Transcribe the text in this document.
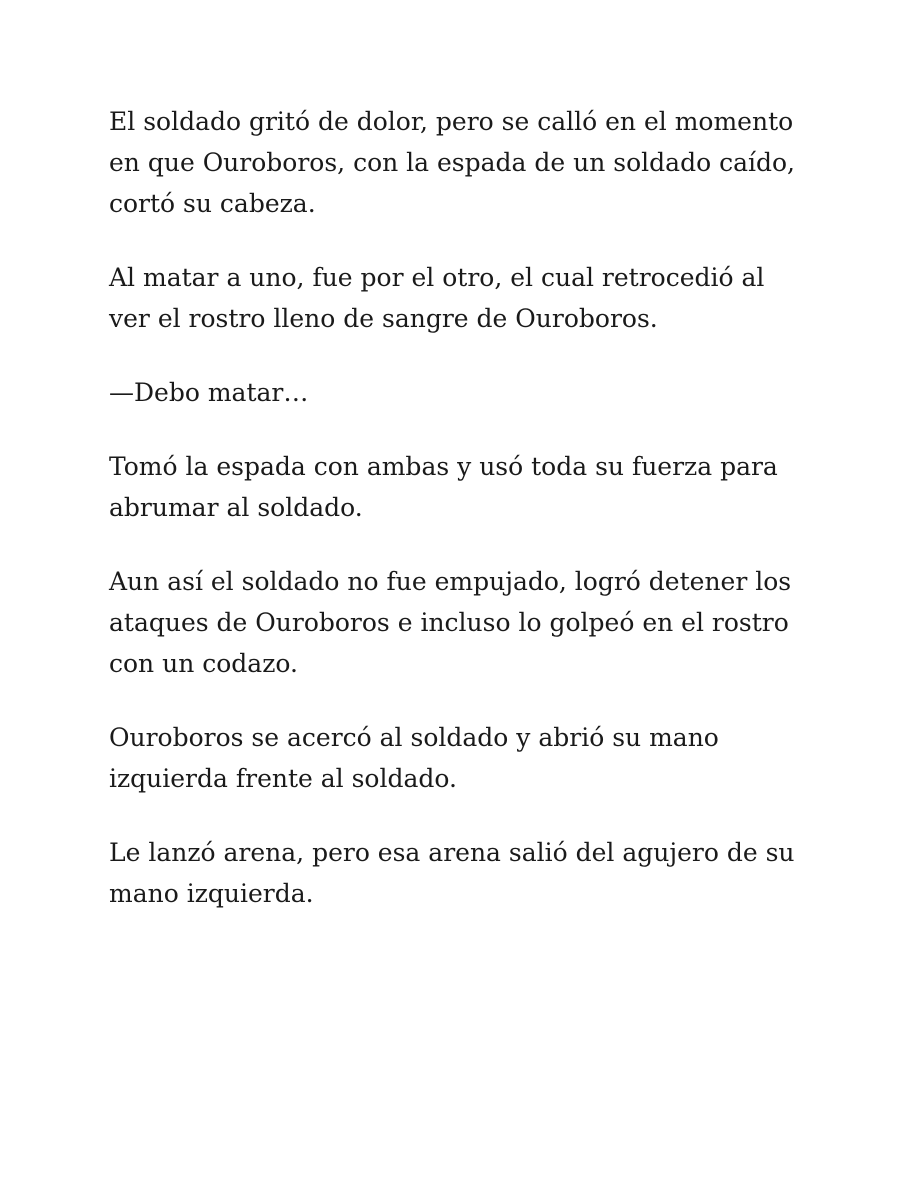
El soldado gritó de dolor, pero se calló en el momento en que Ouroboros, con la espada de un soldado caído, cortó su cabeza.

Al matar a uno, fue por el otro, el cual retrocedió al ver el rostro lleno de sangre de Ouroboros.

—Debo matar…

Tomó la espada con ambas y usó toda su fuerza para abrumar al soldado.

Aun así el soldado no fue empujado, logró detener los ataques de Ouroboros e incluso lo golpeó en el rostro con un codazo.

Ouroboros se acercó al soldado y abrió su mano izquierda frente al soldado.

Le lanzó arena, pero esa arena salió del agujero de su mano izquierda.
